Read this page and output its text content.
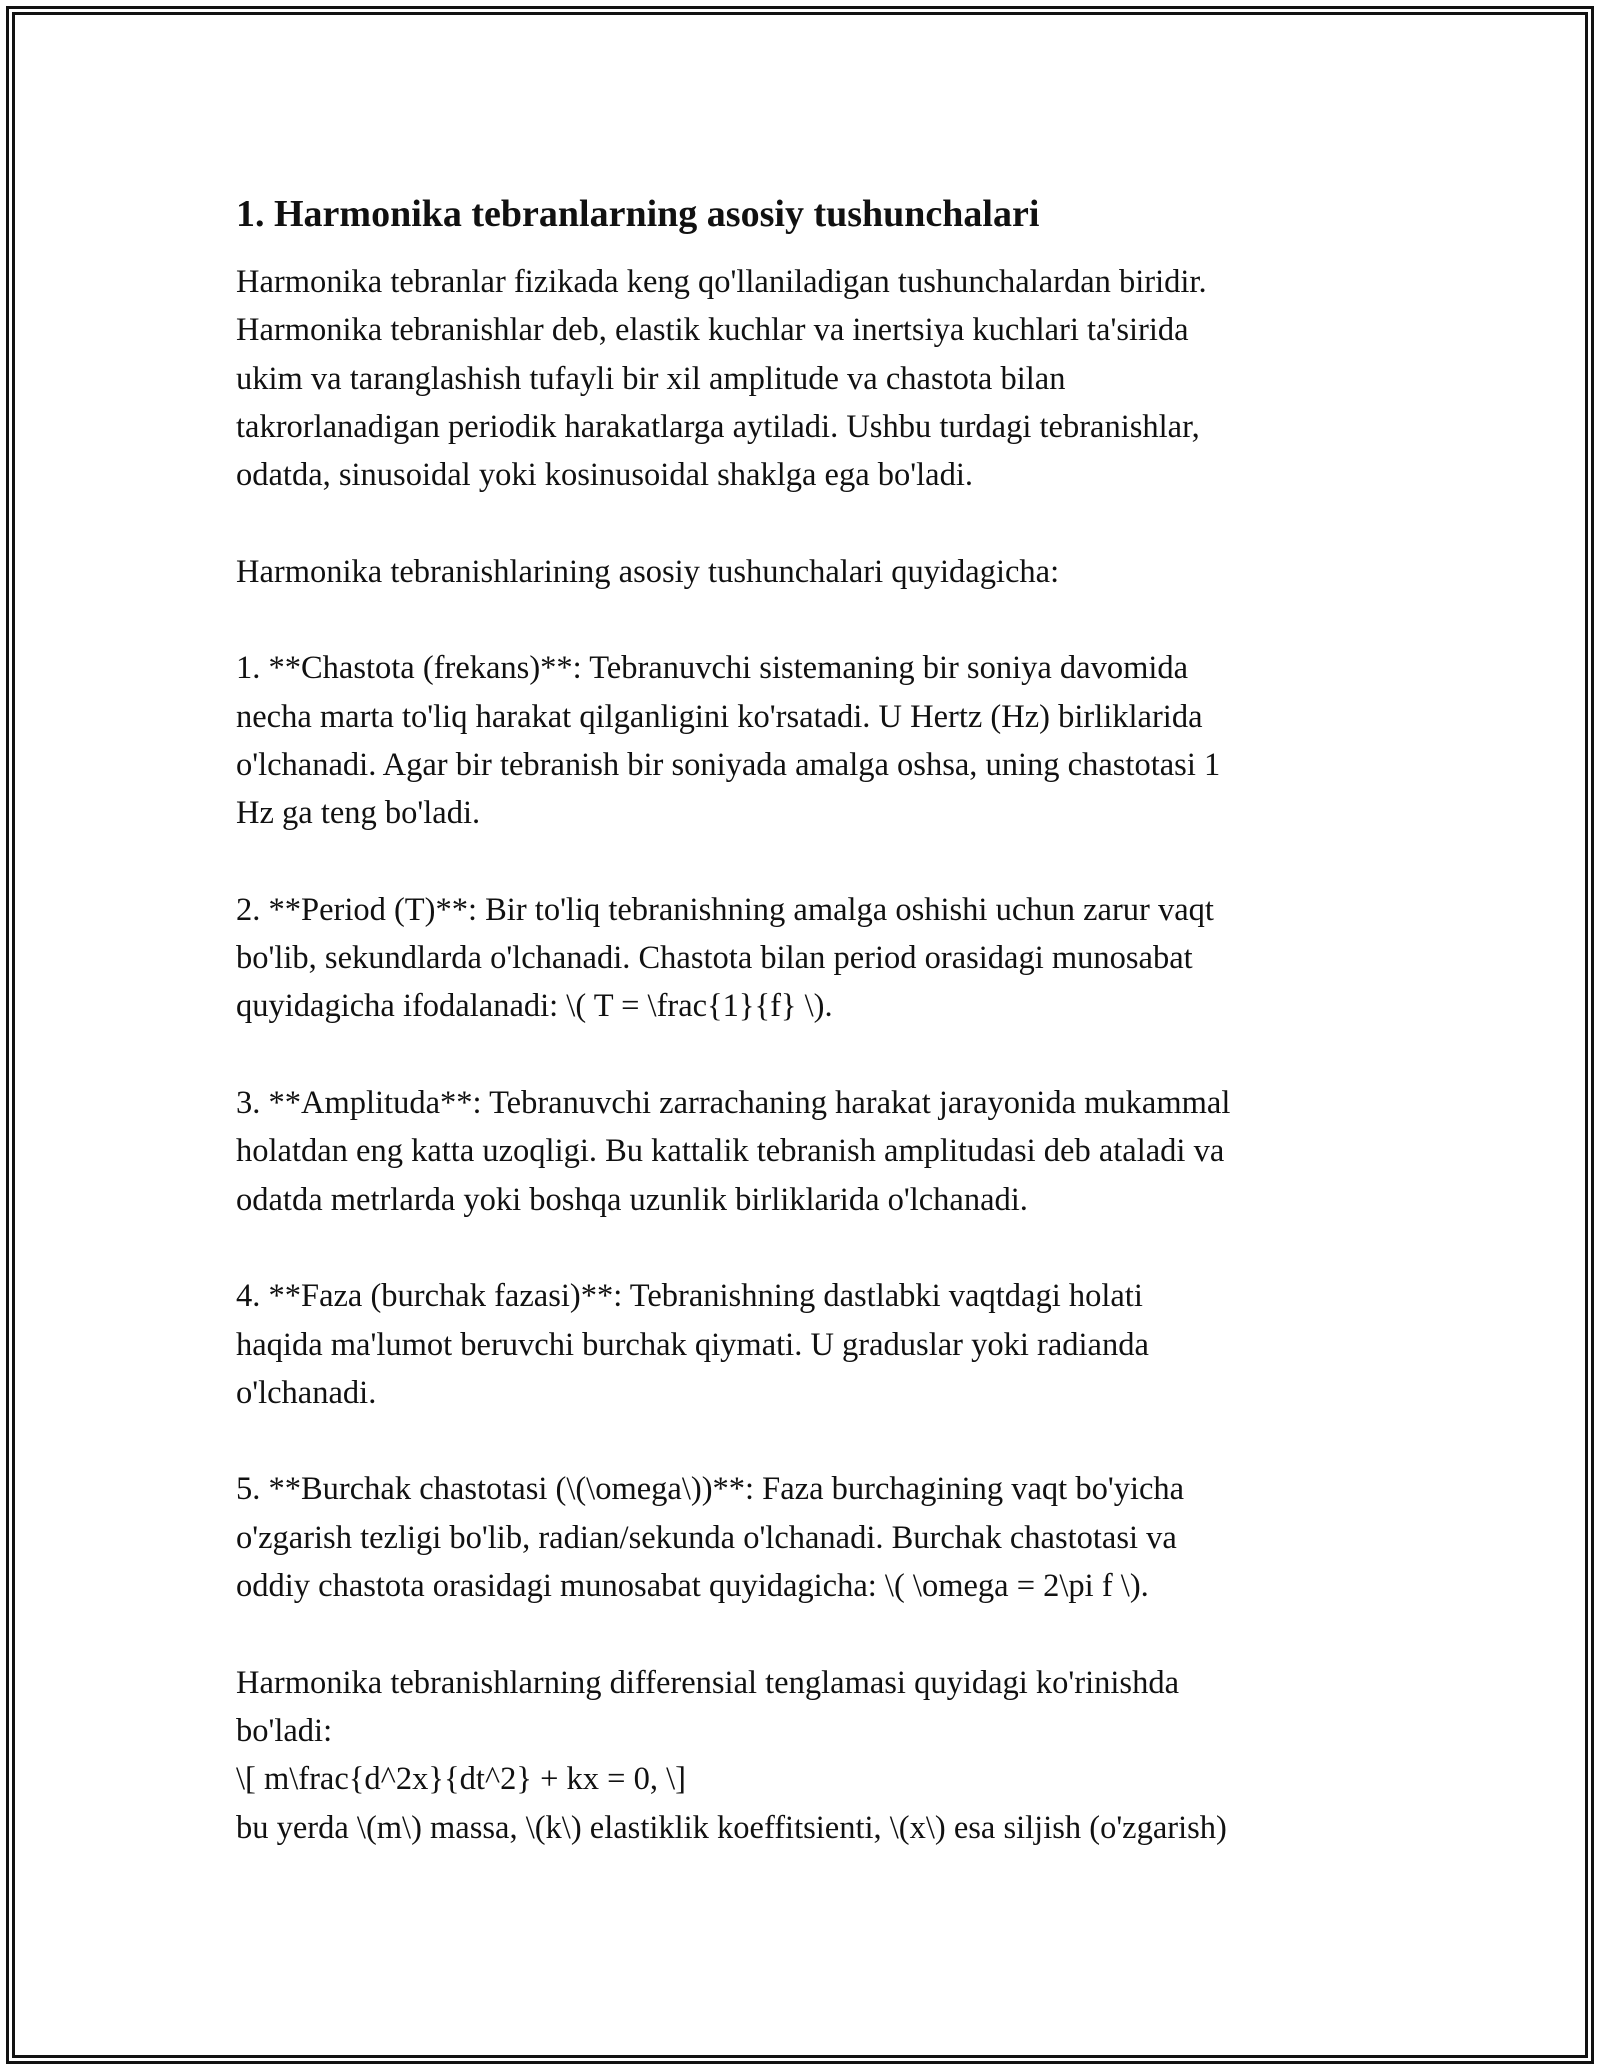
1. Harmonika tebranlarning asosiy tushunchalari
Harmonika tebranlar fizikada keng qo'llaniladigan tushunchalardan biridir.
Harmonika tebranishlar deb, elastik kuchlar va inertsiya kuchlari ta'sirida
ukim va taranglashish tufayli bir xil amplitude va chastota bilan
takrorlanadigan periodik harakatlarga aytiladi. Ushbu turdagi tebranishlar,
odatda, sinusoidal yoki kosinusoidal shaklga ega bo'ladi.
Harmonika tebranishlarining asosiy tushunchalari quyidagicha:
1. **Chastota (frekans)**: Tebranuvchi sistemaning bir soniya davomida
necha marta to'liq harakat qilganligini ko'rsatadi. U Hertz (Hz) birliklarida
o'lchanadi. Agar bir tebranish bir soniyada amalga oshsa, uning chastotasi 1
Hz ga teng bo'ladi.
2. **Period (T)**: Bir to'liq tebranishning amalga oshishi uchun zarur vaqt
bo'lib, sekundlarda o'lchanadi. Chastota bilan period orasidagi munosabat
quyidagicha ifodalanadi: \( T = \frac{1}{f} \).
3. **Amplituda**: Tebranuvchi zarrachaning harakat jarayonida mukammal
holatdan eng katta uzoqligi. Bu kattalik tebranish amplitudasi deb ataladi va
odatda metrlarda yoki boshqa uzunlik birliklarida o'lchanadi.
4. **Faza (burchak fazasi)**: Tebranishning dastlabki vaqtdagi holati
haqida ma'lumot beruvchi burchak qiymati. U graduslar yoki radianda
o'lchanadi.
5. **Burchak chastotasi (\(\omega\))**: Faza burchagining vaqt bo'yicha
o'zgarish tezligi bo'lib, radian/sekunda o'lchanadi. Burchak chastotasi va
oddiy chastota orasidagi munosabat quyidagicha: \( \omega = 2\pi f \).
Harmonika tebranishlarning differensial tenglamasi quyidagi ko'rinishda
bo'ladi:
\[ m\frac{d^2x}{dt^2} + kx = 0, \]
bu yerda \(m\) massa, \(k\) elastiklik koeffitsienti, \(x\) esa siljish (o'zgarish)
